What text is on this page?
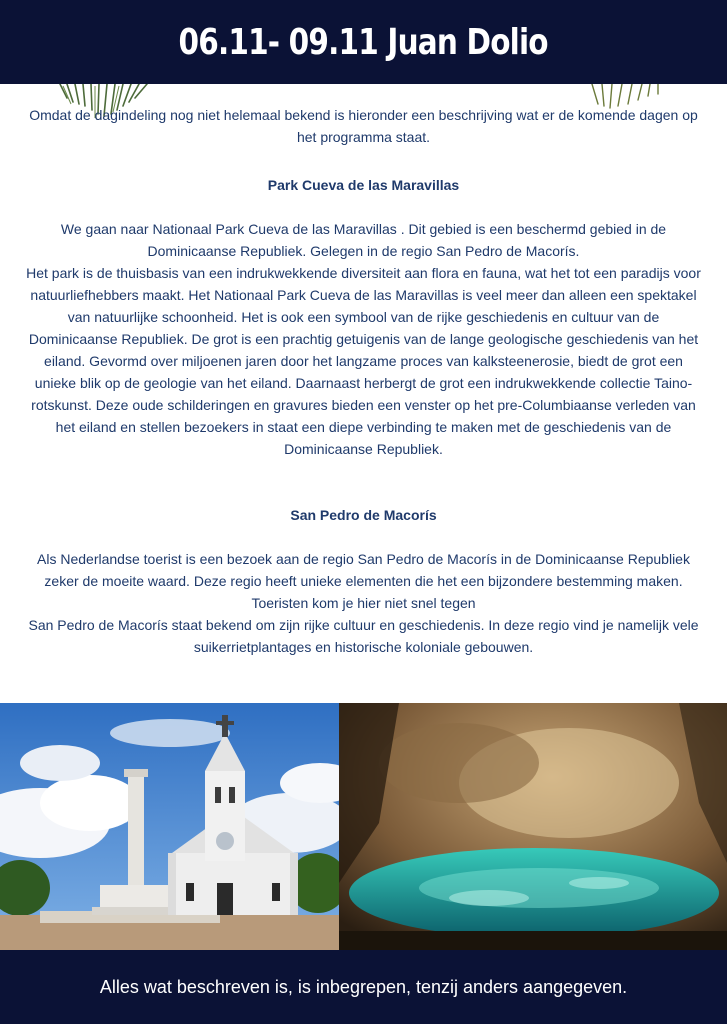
06.11- 09.11 Juan Dolio

Omdat de dagindeling nog niet helemaal bekend is hieronder een beschrijving wat er de komende dagen op het programma staat.

Park Cueva de las Maravillas

We gaan naar Nationaal Park Cueva de las Maravillas . Dit gebied is een beschermd gebied in de Dominicaanse Republiek. Gelegen in de regio San Pedro de Macorís.

Het park is de thuisbasis van een indrukwekkende diversiteit aan flora en fauna, wat het tot een paradijs voor natuurliefhebbers maakt. Het Nationaal Park Cueva de las Maravillas is veel meer dan alleen een spektakel van natuurlijke schoonheid. Het is ook een symbool van de rijke geschiedenis en cultuur van de Dominicaanse Republiek. De grot is een prachtig getuigenis van de lange geologische geschiedenis van het eiland. Gevormd over miljoenen jaren door het langzame proces van kalksteenerosie, biedt de grot een unieke blik op de geologie van het eiland. Daarnaast herbergt de grot een indrukwekkende collectie Taino-rotskunst. Deze oude schilderingen en gravures bieden een venster op het pre-Columbiaanse verleden van het eiland en stellen bezoekers in staat een diepe verbinding te maken met de geschiedenis van de Dominicaanse Republiek.

San Pedro de Macorís

Als Nederlandse toerist is een bezoek aan de regio San Pedro de Macorís in de Dominicaanse Republiek zeker de moeite waard. Deze regio heeft unieke elementen die het een bijzondere bestemming maken. Toeristen kom je hier niet snel tegen

San Pedro de Macorís staat bekend om zijn rijke cultuur en geschiedenis. In deze regio vind je namelijk vele suikerrietplantages en historische koloniale gebouwen.

Alles wat beschreven is, is inbegrepen, tenzij anders aangegeven.
